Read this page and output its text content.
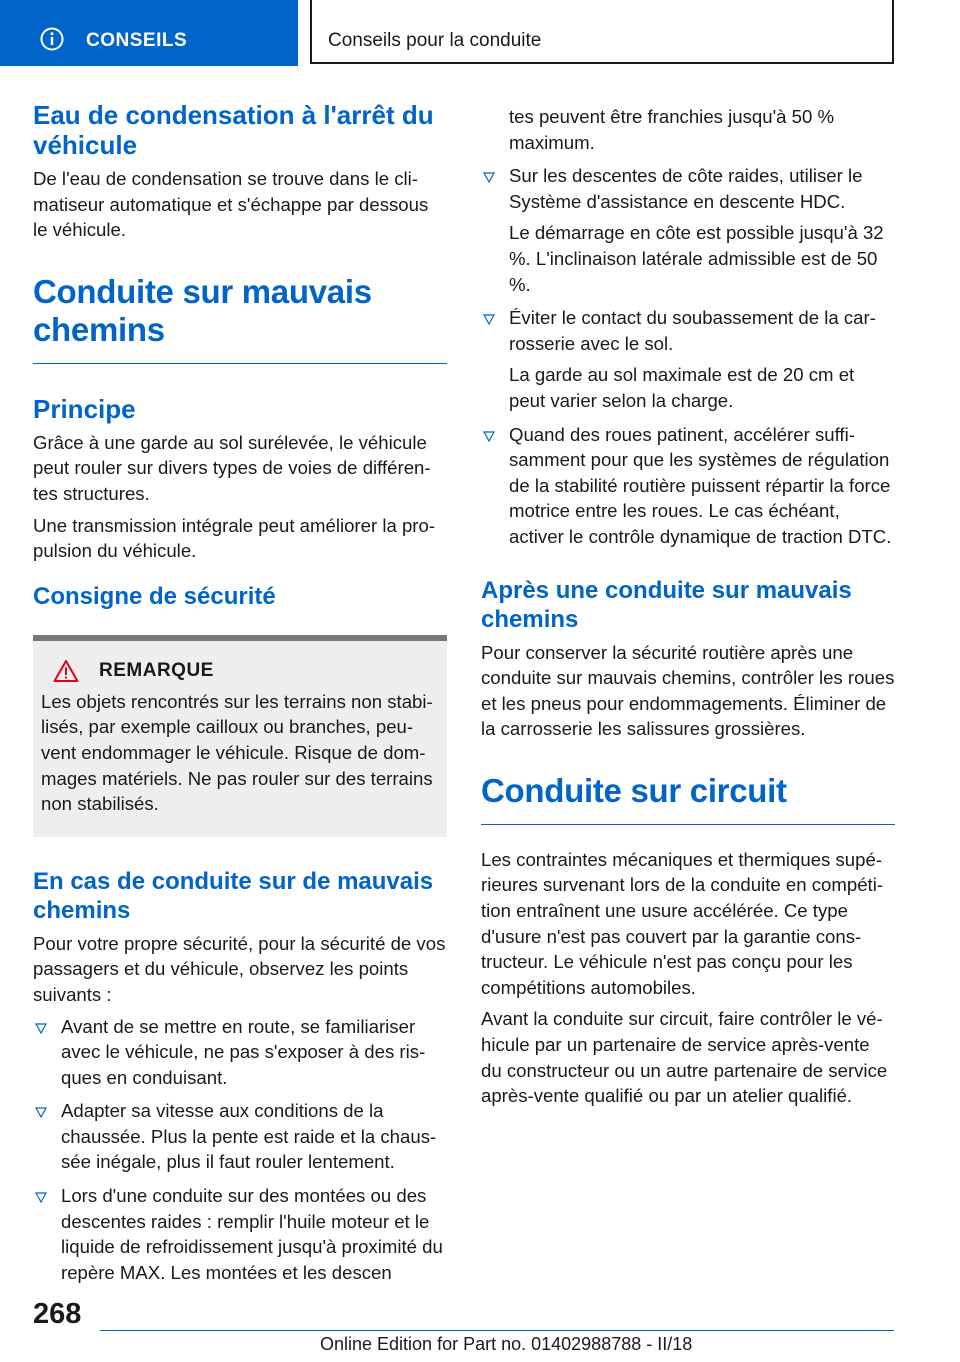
CONSEILS	Conseils pour la conduite
Eau de condensation à l'arrêt du véhicule

De l'eau de condensation se trouve dans le climatiseur automatique et s'échappe par dessous le véhicule.

Conduite sur mauvais chemins
Principe

Grâce à une garde au sol surélevée, le véhicule peut rouler sur divers types de voies de différentes structures.

Une transmission intégrale peut améliorer la propulsion du véhicule.

Consigne de sécurité
REMARQUE

Les objets rencontrés sur les terrains non stabilisés, par exemple cailloux ou branches, peuvent endommager le véhicule. Risque de dommages matériels. Ne pas rouler sur des terrains non stabilisés.

En cas de conduite sur de mauvais chemins

Pour votre propre sécurité, pour la sécurité de vos passagers et du véhicule, observez les points suivants :

Avant de se mettre en route, se familiariser avec le véhicule, ne pas s'exposer à des risques en conduisant.

Adapter sa vitesse aux conditions de la chaussée. Plus la pente est raide et la chaussée inégale, plus il faut rouler lentement.

Lors d'une conduite sur des montées ou des descentes raides : remplir l'huile moteur et le liquide de refroidissement jusqu'à proximité du repère MAX. Les montées et les descen

tes peuvent être franchies jusqu'à 50 % maximum.

Sur les descentes de côte raides, utiliser le Système d'assistance en descente HDC.

Le démarrage en côte est possible jusqu'à 32 %. L'inclinaison latérale admissible est de 50 %.

Éviter le contact du soubassement de la carrosserie avec le sol.

La garde au sol maximale est de 20 cm et peut varier selon la charge.

Quand des roues patinent, accélérer suffisamment pour que les systèmes de régulation de la stabilité routière puissent répartir la force motrice entre les roues. Le cas échéant, activer le contrôle dynamique de traction DTC.

Après une conduite sur mauvais chemins

Pour conserver la sécurité routière après une conduite sur mauvais chemins, contrôler les roues et les pneus pour endommagements. Éliminer de la carrosserie les salissures grossières.

Conduite sur circuit

Les contraintes mécaniques et thermiques supérieures survenant lors de la conduite en compétition entraînent une usure accélérée. Ce type d'usure n'est pas couvert par la garantie constructeur. Le véhicule n'est pas conçu pour les compétitions automobiles.

Avant la conduite sur circuit, faire contrôler le véhicule par un partenaire de service après-vente du constructeur ou un autre partenaire de service après-vente qualifié ou par un atelier qualifié.

268
Online Edition for Part no. 01402988788 - II/18
